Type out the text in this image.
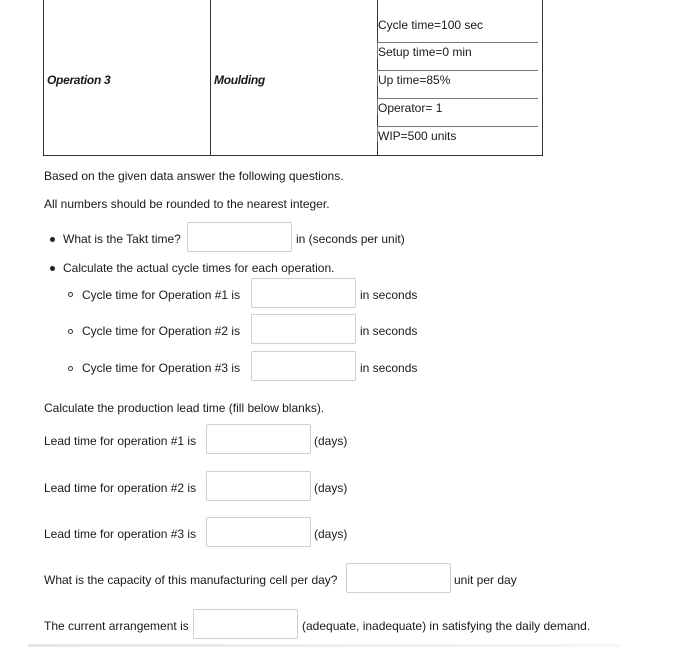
Operation 3	Moulding
Cycle time=100 sec
Setup time=0 min
Up time=85%
Operator= 1
WIP=500 units
Based on the given data answer the following questions.
All numbers should be rounded to the nearest integer.
What is the Takt time?	in (seconds per unit)
Calculate the actual cycle times for each operation.
Cycle time for Operation #1 is	in seconds
Cycle time for Operation #2 is	in seconds
Cycle time for Operation #3 is	in seconds
Calculate the production lead time (fill below blanks).
Lead time for operation #1 is	(days)
Lead time for operation #2 is	(days)
Lead time for operation #3 is	(days)
What is the capacity of this manufacturing cell per day?	unit per day
The current arrangement is	(adequate, inadequate) in satisfying the daily demand.
